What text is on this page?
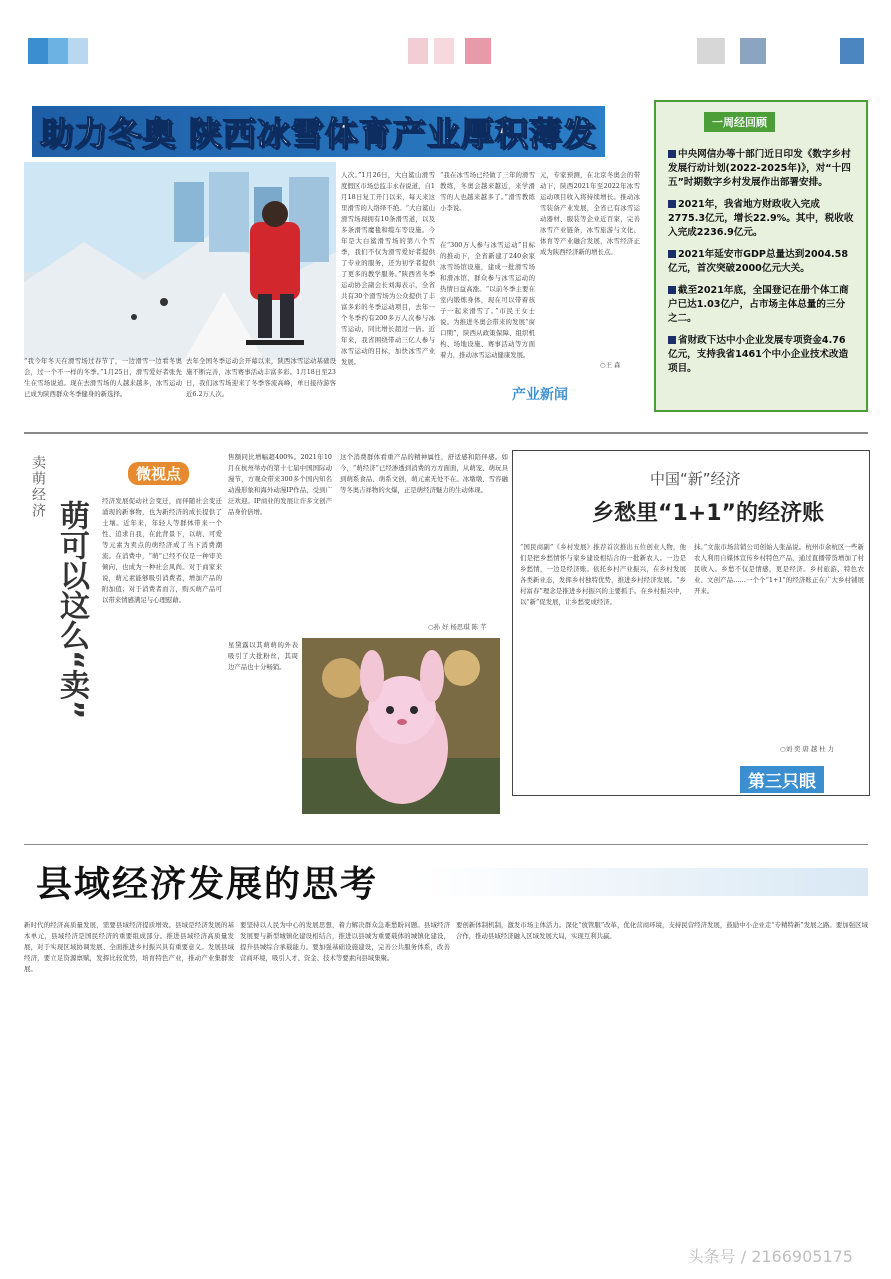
助力冬奥 陕西冰雪体育产业厚积薄发
人次。”1月26日，大白鲨山滑雪度假区市场总监丰永春说道，自1月18日复工开门以来，每天来这里滑雪的人络绎不绝。“大白鲨山滑雪场现拥有10条滑雪道，以及多条滑雪魔毯和缆车等设施。今年是大白鲨滑雪场的第八个雪季，我们不仅为滑雪爱好者提供了专业的服务，还为初学者提供了更多的教学服务。”陕西省冬季运动协会副会长刘海表示，全省共有30个滑雪场为公众提供了丰富多彩的冬季运动项目，去年一个冬季约有200多万人次参与冰雪运动，同比增长超过一倍。近年来，我省围绕带动三亿人参与冰雪运动的目标，加快冰雪产业发展。
在“300万人参与冰雪运动”目标的推动下，全省新建了240余家冰雪场馆设施，建成一批滑雪场和滑冰馆，群众参与冰雪运动的热情日益高涨。“以前冬季主要在室内锻炼身体，现在可以带着孩子一起来滑雪了。”市民王女士说。为推进冬奥会带来的发展“窗口期”，陕西从政策保障、组织机构、场地设施、赛事活动等方面着力，推动冰雪运动健康发展。
元，专家预测，在北京冬奥会的带动下，陕西2021年至2022年冰雪运动项目收入将持续增长。推动冰雪装备产业发展，全省已有冰雪运动器材、服装等企业近百家，完善冰雪产业链条，冰雪旅游与文化、体育等产业融合发展，冰雪经济正成为陕西经济新的增长点。
“我在冰雪场已经做了三年的滑雪教练，冬奥会越来越近，来学滑雪的人也越来越多了。”滑雪教练小李说。
“我今年冬天在滑雪场过春节了，一边滑雪一边看冬奥会，过一个不一样的冬季。”1月25日，滑雪爱好者张先生在雪场说道。现在去滑雪场的人越来越多，冰雪运动已成为陕西群众冬季健身的新选择。
去年全国冬季运动会开幕以来，陕西冰雪运动基础设施不断完善，冰雪赛事活动丰富多彩。1月18日至23日，我们冰雪场迎来了冬季客流高峰，单日接待游客近6.2万人次。
○王 森
产业新闻
一周经回顾
中央网信办等十部门近日印发《数字乡村发展行动计划(2022-2025年)》，对“十四五”时期数字乡村发展作出部署安排。
2021年，我省地方财政收入完成2775.3亿元，增长22.9%。其中，税收收入完成2236.9亿元。
2021年延安市GDP总量达到2004.58亿元，首次突破2000亿元大关。
截至2021年底，全国登记在册个体工商户已达1.03亿户，占市场主体总量的三分之二。
省财政下达中小企业发展专项资金4.76亿元，支持我省1461个中小企业技术改造项目。
卖萌经济
萌可以这么“卖”
微视点
经济发展促动社会变迁，而伴随社会变迁涌现的新事物，也为新经济的成长提供了土壤。近年来，年轻人等群体带来一个性、追求自我，在此背景下，以萌、可爱等元素为卖点的萌经济成了当下消费潮流。在消费中，“萌”已经不仅是一种审美倾向，也成为一种社会风尚。对于商家来说，萌元素能够吸引消费者，增加产品的附加值；对于消费者而言，购买萌产品可以带来情感满足与心理慰藉。
售额同比增幅超400%。2021年10月在杭州举办的第十七届中国国际动漫节，方观众带来300多个国内知名动漫形象和海外动漫IP作品，受到广泛欢迎。IP商业的发展让许多文创产品身价倍增。
这个消费群体看重产品的精神属性，舒适感和陪伴感。如今，“萌经济”已经渗透到消费的方方面面，从萌宠、萌玩具到萌系食品、萌系文创，萌元素无处不在。冰墩墩、雪容融等冬奥吉祥物的火爆，正是萌经济魅力的生动体现。
○孙 好 杨思琪 陈 芊
星黛露以其萌萌的外表吸引了大批粉丝，其周边产品也十分畅销。
中国“新”经济
乡愁里“1+1”的经济账
“国民商副”《乡村发展》推荐首次推出五位创业人物，他们是把乡愁情怀与家乡建设相结合的一批新农人。一边是乡愁情，一边是经济账。依托乡村产业振兴，在乡村发展各类新业态，发挥乡村独特优势，推进乡村经济发展。“乡村富春”理念是推进乡村振兴的主要抓手。在乡村振兴中，以“新”促发展，让乡愁变成经济。
抹。”文旅市场营销公司创始人张晶说。杭州市余杭区一些新农人利用自媒体宣传乡村特色产品，通过直播带货增加了村民收入。乡愁不仅是情感，更是经济。乡村旅游、特色农业、文创产品……一个个“1+1”的经济账正在广大乡村铺展开来。
○刘 奕 唐 越 杜 力
第三只眼
县域经济发展的思考
新时代的经济高质量发展，需要县域经济提质增效。县域是经济发展的基本单元，县域经济是国民经济的重要组成部分。推进县域经济高质量发展，对于实现区域协调发展、全面推进乡村振兴具有重要意义。发展县域经济，要立足资源禀赋，发挥比较优势，培育特色产业，推动产业集群发展。
要坚持以人民为中心的发展思想，着力解决群众急难愁盼问题。县域经济发展要与新型城镇化建设相结合，推进以县城为重要载体的城镇化建设，提升县城综合承载能力。要加强基础设施建设，完善公共服务体系，改善营商环境，吸引人才、资金、技术等要素向县域集聚。
要创新体制机制，激发市场主体活力。深化“放管服”改革，优化营商环境，支持民营经济发展，鼓励中小企业走“专精特新”发展之路。要加强区域合作，推动县域经济融入区域发展大局，实现互利共赢。
头条号 / 2166905175
